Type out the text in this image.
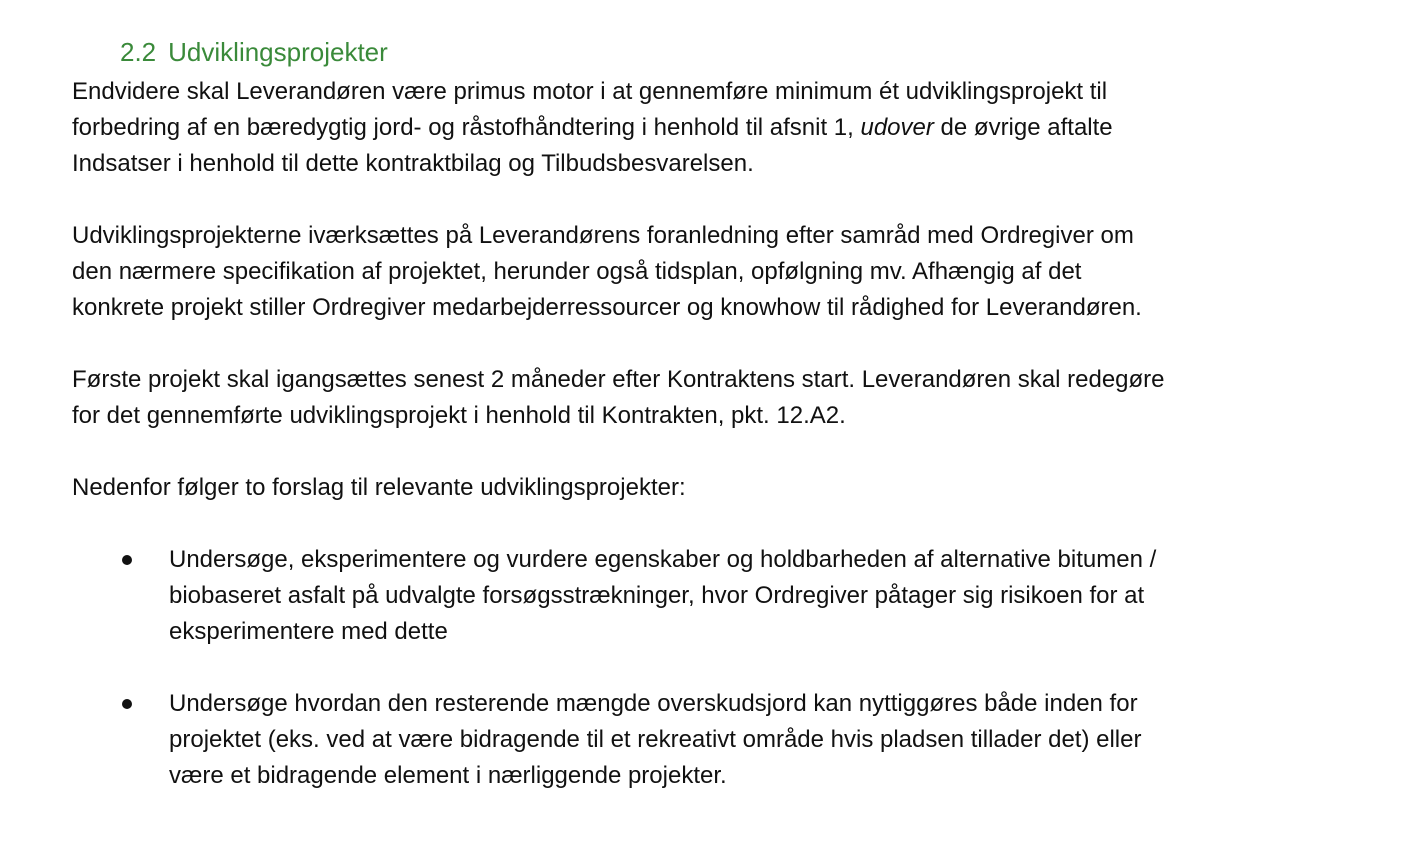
2.2 Udviklingsprojekter

Endvidere skal Leverandøren være primus motor i at gennemføre minimum ét udviklingsprojekt til
forbedring af en bæredygtig jord- og råstofhåndtering i henhold til afsnit 1, udover de øvrige aftalte
Indsatser i henhold til dette kontraktbilag og Tilbudsbesvarelsen.

Udviklingsprojekterne iværksættes på Leverandørens foranledning efter samråd med Ordregiver om
den nærmere specifikation af projektet, herunder også tidsplan, opfølgning mv. Afhængig af det
konkrete projekt stiller Ordregiver medarbejderressourcer og knowhow til rådighed for Leverandøren.

Første projekt skal igangsættes senest 2 måneder efter Kontraktens start. Leverandøren skal redegøre
for det gennemførte udviklingsprojekt i henhold til Kontrakten, pkt. 12.A2.

Nedenfor følger to forslag til relevante udviklingsprojekter:

Undersøge, eksperimentere og vurdere egenskaber og holdbarheden af alternative bitumen /
biobaseret asfalt på udvalgte forsøgsstrækninger, hvor Ordregiver påtager sig risikoen for at
eksperimentere med dette
Undersøge hvordan den resterende mængde overskudsjord kan nyttiggøres både inden for
projektet (eks. ved at være bidragende til et rekreativt område hvis pladsen tillader det) eller
være et bidragende element i nærliggende projekter.
